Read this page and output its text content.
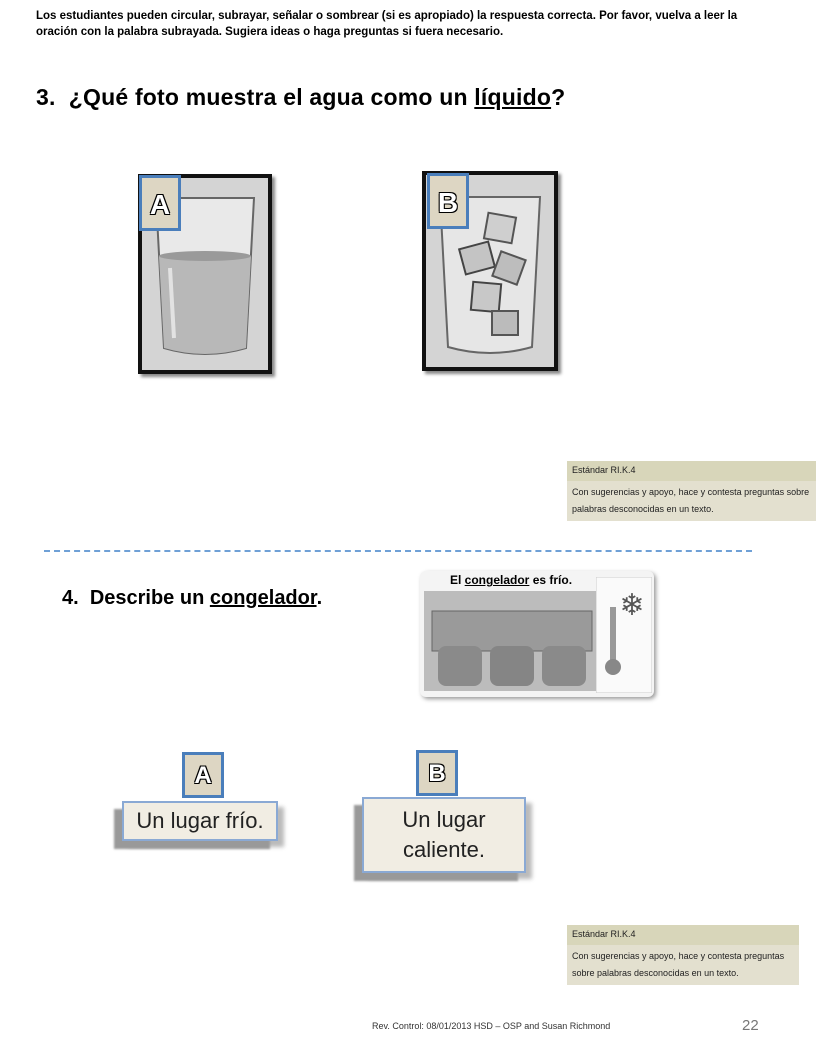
Los estudiantes pueden circular, subrayar, señalar o sombrear (si es apropiado) la respuesta correcta. Por favor, vuelva a leer la oración con la palabra subrayada. Sugiera ideas o haga preguntas si fuera necesario.
3. ¿Qué foto muestra el agua como un líquido?
A	B
Estándar RI.K.4
Con sugerencias y apoyo, hace y contesta preguntas sobre palabras desconocidas en un texto.
4. Describe un congelador.
El congelador es frío.
❄
A
Un lugar frío.
B
Un lugar caliente.
Estándar RI.K.4
Con sugerencias y apoyo, hace y contesta preguntas sobre palabras desconocidas en un texto.
Rev. Control: 08/01/2013 HSD – OSP and Susan Richmond	22
